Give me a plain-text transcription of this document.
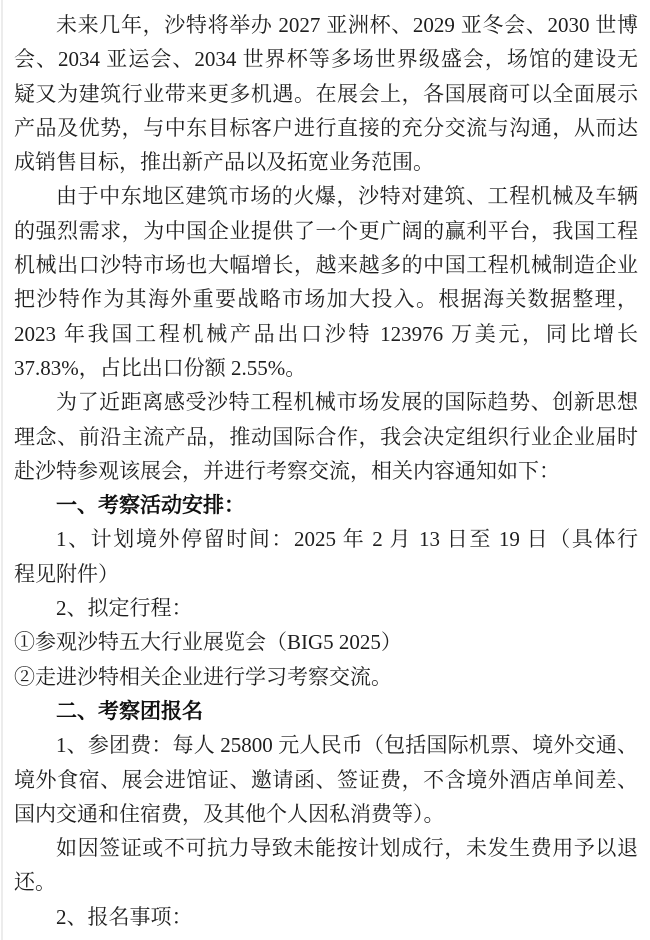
未来几年，沙特将举办 2027 亚洲杯、2029 亚冬会、2030 世博
会、2034 亚运会、2034 世界杯等多场世界级盛会，场馆的建设无
疑又为建筑行业带来更多机遇。在展会上，各国展商可以全面展示
产品及优势，与中东目标客户进行直接的充分交流与沟通，从而达
成销售目标，推出新产品以及拓宽业务范围。
由于中东地区建筑市场的火爆，沙特对建筑、工程机械及车辆
的强烈需求，为中国企业提供了一个更广阔的赢利平台，我国工程
机械出口沙特市场也大幅增长，越来越多的中国工程机械制造企业
把沙特作为其海外重要战略市场加大投入。根据海关数据整理，
2023 年我国工程机械产品出口沙特 123976 万美元，同比增长
37.83%，占比出口份额 2.55%。
为了近距离感受沙特工程机械市场发展的国际趋势、创新思想
理念、前沿主流产品，推动国际合作，我会决定组织行业企业届时
赴沙特参观该展会，并进行考察交流，相关内容通知如下：
一、考察活动安排：
1、计划境外停留时间：2025 年 2 月 13 日至 19 日（具体行
程见附件）
2、拟定行程：
①参观沙特五大行业展览会（BIG5 2025）
②走进沙特相关企业进行学习考察交流。
二、考察团报名
1、参团费：每人 25800 元人民币（包括国际机票、境外交通、
境外食宿、展会进馆证、邀请函、签证费，不含境外酒店单间差、
国内交通和住宿费，及其他个人因私消费等）。
如因签证或不可抗力导致未能按计划成行，未发生费用予以退
还。
2、报名事项：
